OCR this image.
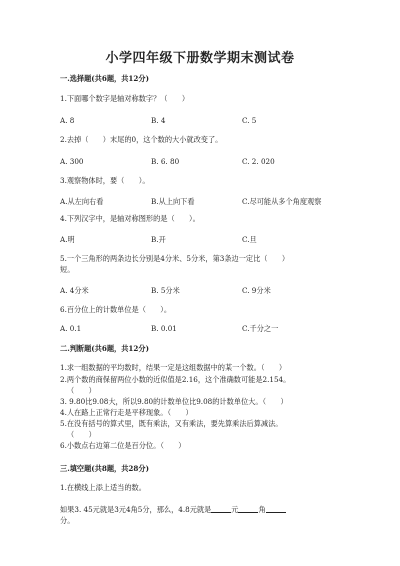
小学四年级下册数学期末测试卷
一.选择题(共6题，共12分)
1.下面哪个数字是轴对称数字？（　　）
A. 8	B. 4	C. 5
2.去掉（　　）末尾的0，这个数的大小就改变了。
A. 300	B. 6. 80	C. 2. 020
3.观察物体时，要（　　）。
A.从左向右看	B.从上向下看	C.尽可能从多个角度观察
4.下列汉字中，是轴对称图形的是（　　）。
A.明	B.开	C.旦
5.一个三角形的两条边长分别是4分米、5分米，第3条边一定比（　　）
短。
A. 4分米	B. 5分米	C. 9分米
6.百分位上的计数单位是（　　）。
A. 0.1	B. 0.01	C.千分之一
二.判断题(共6题，共12分)
1.求一组数据的平均数时，结果一定是这组数据中的某一个数。（　　）
2.两个数的商保留两位小数的近似值是2.16，这个准确数可能是2.154。
（　　）
3. 9.80比9.08大，所以9.80的计数单位比9.08的计数单位大。（　　）
4.人在路上正常行走是平移现象。（　　）
5.在没有括号的算式里，既有乘法，又有乘法，要先算乘法后算减法。
（　　）
6.小数点右边第二位是百分位。（　　）
三.填空题(共8题，共28分)
1.在横线上添上适当的数。
如果3. 45元就是3元4角5分，那么，4.8元就是	元	角
分。
